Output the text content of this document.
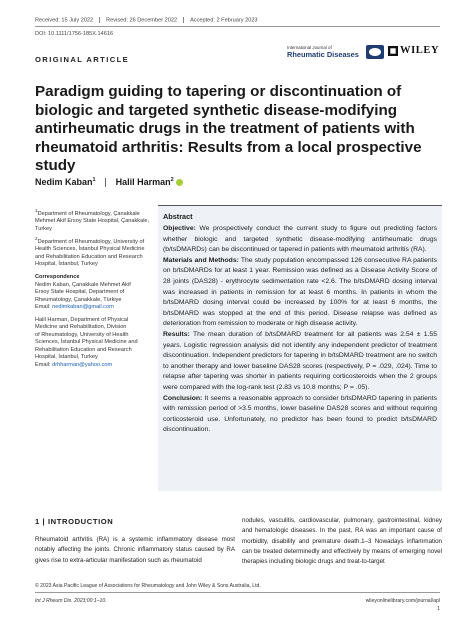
Received: 15 July 2022 Revised: 26 December 2022 Accepted: 2 February 2023
DOI: 10.1111/1756-185X.14616
ORIGINAL ARTICLE
International Journal of
Rheumatic Diseases	WILEY
Paradigm guiding to tapering or discontinuation of biologic and targeted synthetic disease-modifying antirheumatic drugs in the treatment of patients with rheumatoid arthritis: Results from a local prospective study
Nedim Kaban$^1$ Halil Harman$^2$
$^1$Department of Rheumatology, Çanakkale Mehmet Akif Ersoy State Hospital, Çanakkale, Turkey
$^2$Department of Rheumatology, University of Health Sciences, İstanbul Physical Medicine and Rehabilitation Education and Research Hospital, İstanbul, Turkey
Correspondence
Nedim Kaban, Çanakkale Mehmet Akif
Ersoy State Hospital, Department of
Rheumatology, Çanakkale, Türkiye
Email: nedimkaban@gmail.com

Halil Harman, Department of Physical
Medicine and Rehabilitation, Division
of Rheumatology, University of Health
Sciences, İstanbul Physical Medicine and
Rehabilitation Education and Research
Hospital, İstanbul, Turkey
Email: drhharman@yahoo.com
Abstract

Objective: We prospectively conduct the current study to figure out predicting factors whether biologic and targeted synthetic disease-modifying antirheumatic drugs (b/tsDMARDs) can be discontinued or tapered in patients with rheumatoid arthritis (RA).

Materials and Methods: The study population encompassed 126 consecutive RA patients on b/tsDMARDs for at least 1 year. Remission was defined as a Disease Activity Score of 28 joints (DAS28) - erythrocyte sedimentation rate <2.6. The b/tsDMARD dosing interval was increased in patients in remission for at least 6 months. In patients in whom the b/tsDMARD dosing interval could be increased by 100% for at least 6 months, the b/tsDMARD was stopped at the end of this period. Disease relapse was defined as deterioration from remission to moderate or high disease activity.

Results: The mean duration of b/tsDMARD treatment for all patients was 2.54 ± 1.55 years. Logistic regression analysis did not identify any independent predictor of treatment discontinuation. Independent predictors for tapering in b/tsDMARD treatment are no switch to another therapy and lower baseline DAS28 scores (respectively, P = .029, .024). Time to relapse after tapering was shorter in patients requiring corticosteroids when the 2 groups were compared with the log-rank test (2.83 vs 10.8 months; P = .05).

Conclusion: It seems a reasonable approach to consider b/tsDMARD tapering in patients with remission period of >3.5 months, lower baseline DAS28 scores and without requiring corticosteroid use. Unfortunately, no predictor has been found to predict b/tsDMARD discontinuation.

1 | INTRODUCTION
Rheumatoid arthritis (RA) is a systemic inflammatory disease most notably affecting the joints. Chronic inflammatory status caused by RA gives rise to extra-articular manifestation such as rheumatoid
nodules, vasculitis, cardiovascular, pulmonary, gastrointestinal, kidney and hematologic diseases. In the past, RA was an important cause of morbidity, disability and premature death.1–3 Nowadays inflammation can be treated determinedly and effectively by means of emerging novel therapies including biologic drugs and treat-to-target
© 2023 Asia Pacific League of Associations for Rheumatology and John Wiley & Sons Australia, Ltd.
Int J Rheum Dis. 2023;00:1–10.	wileyonlinelibrary.com/journal/apl
1
